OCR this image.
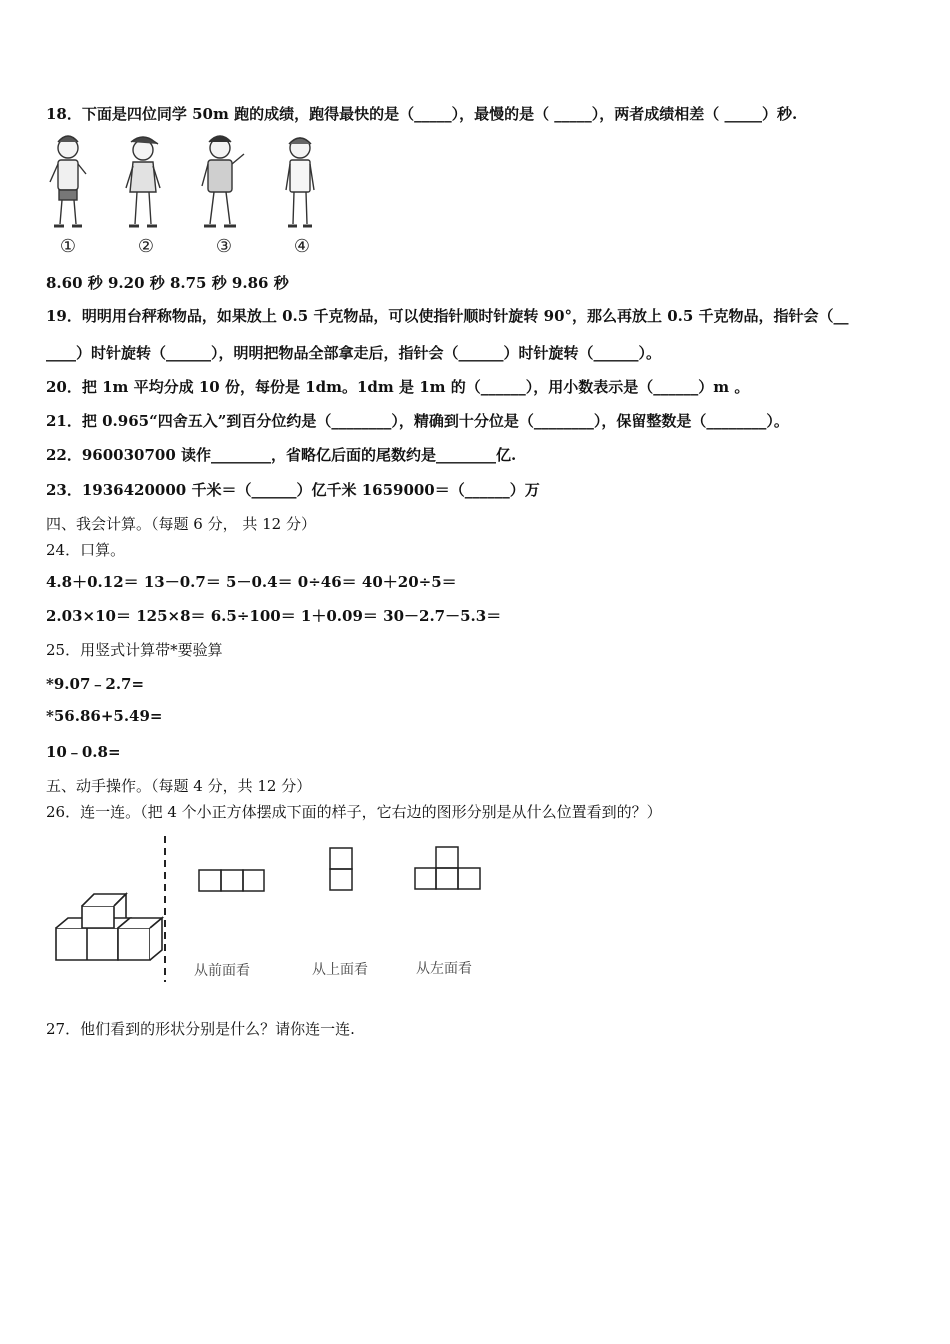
18．下面是四位同学 50m 跑的成绩，跑得最快的是（_____），最慢的是（ _____），两者成绩相差（ _____）秒.
①	②	③	④
8.60 秒 9.20 秒 8.75 秒 9.86 秒
19．明明用台秤称物品，如果放上 0.5 千克物品，可以使指针顺时针旋转 90°，那么再放上 0.5 千克物品，指针会（__
____）时针旋转（______），明明把物品全部拿走后，指针会（______）时针旋转（______）。
20．把 1m 平均分成 10 份，每份是 1dm。1dm 是 1m 的（______），用小数表示是（______）m 。
21．把 0.965“四舍五入”到百分位约是（________），精确到十分位是（________），保留整数是（________）。
22．960030700 读作________，省略亿后面的尾数约是________亿.
23．1936420000 千米＝（______）亿千米 1659000＝（______）万
四、我会计算。（每题 6 分， 共 12 分）
24．口算。
4.8＋0.12＝ 13－0.7＝ 5－0.4＝ 0÷46＝ 40＋20÷5＝
2.03×10＝ 125×8＝ 6.5÷100＝ 1＋0.09＝ 30－2.7－5.3＝
25．用竖式计算带*要验算
*9.07﹣2.7=
*56.86+5.49=
10﹣0.8=
五、动手操作。（每题 4 分，共 12 分）
26．连一连。（把 4 个小正方体摆成下面的样子，它右边的图形分别是从什么位置看到的？）
从前面看	从上面看	从左面看
27．他们看到的形状分别是什么？请你连一连.
